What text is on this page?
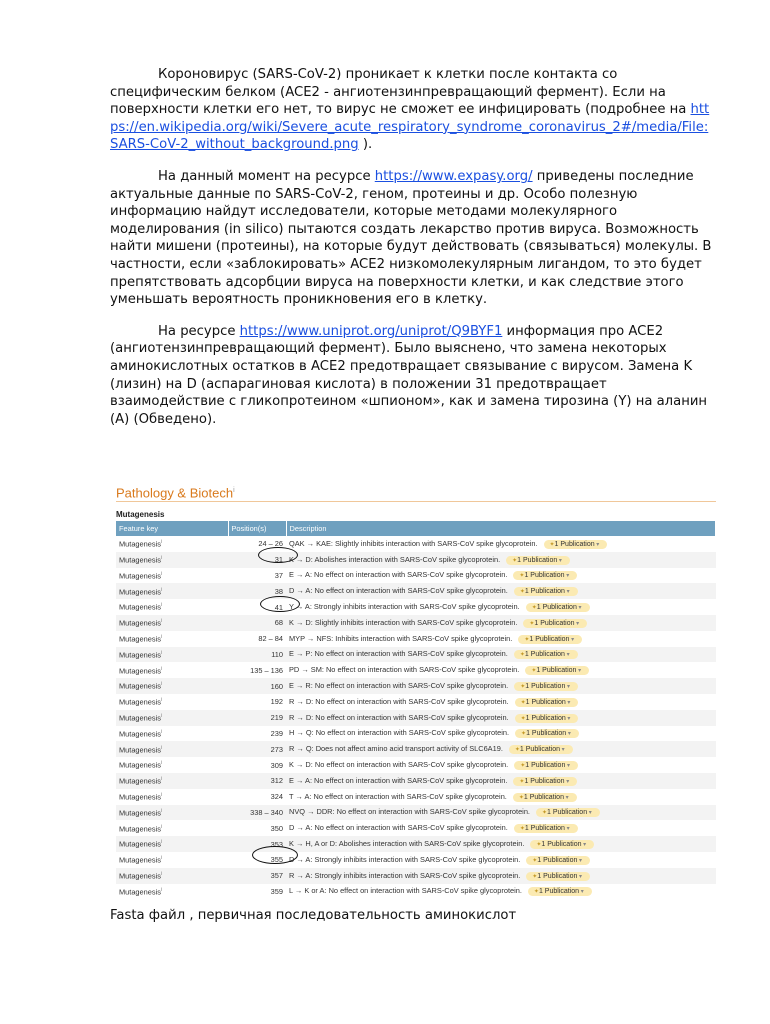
Короновирус (SARS-CoV-2) проникает к клетки после контакта со специфическим белком (ACE2 - ангиотензинпревращающий фермент). Если на поверхности клетки его нет, то вирус не сможет ее инфицировать (подробнее на https://en.wikipedia.org/wiki/Severe_acute_respiratory_syndrome_coronavirus_2#/media/File:SARS-CoV-2_without_background.png ).

На данный момент на ресурсе https://www.expasy.org/ приведены последние актуальные данные по SARS-CoV-2, геном, протеины и др. Особо полезную информацию найдут исследователи, которые методами молекулярного моделирования (in silico) пытаются создать лекарство против вируса. Возможность найти мишени (протеины), на которые будут действовать (связываться) молекулы. В частности, если «заблокировать» ACE2 низкомолекулярным лигандом, то это будет препятствовать адсорбции вируса на поверхности клетки, и как следствие этого уменьшать вероятность проникновения его в клетку.

На ресурсе https://www.uniprot.org/uniprot/Q9BYF1 информация про ACE2 (ангиотензинпревращающий фермент). Было выяснено, что замена некоторых аминокислотных остатков в ACE2 предотвращает связывание с вирусом. Замена K (лизин) на D (аспарагиновая кислота) в положении 31 предотвращает взаимодействие с гликопротеином «шпионом», как и замена тирозина (Y) на аланин (A) (Обведено).

Pathology & Biotech$^i$
Mutagenesis
Feature key	Position(s)	Description
Mutagenesis$^i$	24 – 26	QAK → KAE: Slightly inhibits interaction with SARS-CoV spike glycoprotein. ✦ 1 Publication ▾
Mutagenesis$^i$	31	K → D: Abolishes interaction with SARS-CoV spike glycoprotein. ✦ 1 Publication ▾
Mutagenesis$^i$	37	E → A: No effect on interaction with SARS-CoV spike glycoprotein. ✦ 1 Publication ▾
Mutagenesis$^i$	38	D → A: No effect on interaction with SARS-CoV spike glycoprotein. ✦ 1 Publication ▾
Mutagenesis$^i$	41	Y → A: Strongly inhibits interaction with SARS-CoV spike glycoprotein. ✦ 1 Publication ▾
Mutagenesis$^i$	68	K → D: Slightly inhibits interaction with SARS-CoV spike glycoprotein. ✦ 1 Publication ▾
Mutagenesis$^i$	82 – 84	MYP → NFS: Inhibits interaction with SARS-CoV spike glycoprotein. ✦ 1 Publication ▾
Mutagenesis$^i$	110	E → P: No effect on interaction with SARS-CoV spike glycoprotein. ✦ 1 Publication ▾
Mutagenesis$^i$	135 – 136	PD → SM: No effect on interaction with SARS-CoV spike glycoprotein. ✦ 1 Publication ▾
Mutagenesis$^i$	160	E → R: No effect on interaction with SARS-CoV spike glycoprotein. ✦ 1 Publication ▾
Mutagenesis$^i$	192	R → D: No effect on interaction with SARS-CoV spike glycoprotein. ✦ 1 Publication ▾
Mutagenesis$^i$	219	R → D: No effect on interaction with SARS-CoV spike glycoprotein. ✦ 1 Publication ▾
Mutagenesis$^i$	239	H → Q: No effect on interaction with SARS-CoV spike glycoprotein. ✦ 1 Publication ▾
Mutagenesis$^i$	273	R → Q: Does not affect amino acid transport activity of SLC6A19. ✦ 1 Publication ▾
Mutagenesis$^i$	309	K → D: No effect on interaction with SARS-CoV spike glycoprotein. ✦ 1 Publication ▾
Mutagenesis$^i$	312	E → A: No effect on interaction with SARS-CoV spike glycoprotein. ✦ 1 Publication ▾
Mutagenesis$^i$	324	T → A: No effect on interaction with SARS-CoV spike glycoprotein. ✦ 1 Publication ▾
Mutagenesis$^i$	338 – 340	NVQ → DDR: No effect on interaction with SARS-CoV spike glycoprotein. ✦ 1 Publication ▾
Mutagenesis$^i$	350	D → A: No effect on interaction with SARS-CoV spike glycoprotein. ✦ 1 Publication ▾
Mutagenesis$^i$	353	K → H, A or D: Abolishes interaction with SARS-CoV spike glycoprotein. ✦ 1 Publication ▾
Mutagenesis$^i$	355	D → A: Strongly inhibits interaction with SARS-CoV spike glycoprotein. ✦ 1 Publication ▾
Mutagenesis$^i$	357	R → A: Strongly inhibits interaction with SARS-CoV spike glycoprotein. ✦ 1 Publication ▾
Mutagenesis$^i$	359	L → K or A: No effect on interaction with SARS-CoV spike glycoprotein. ✦ 1 Publication ▾
Fasta файл , первичная последовательность аминокислот
